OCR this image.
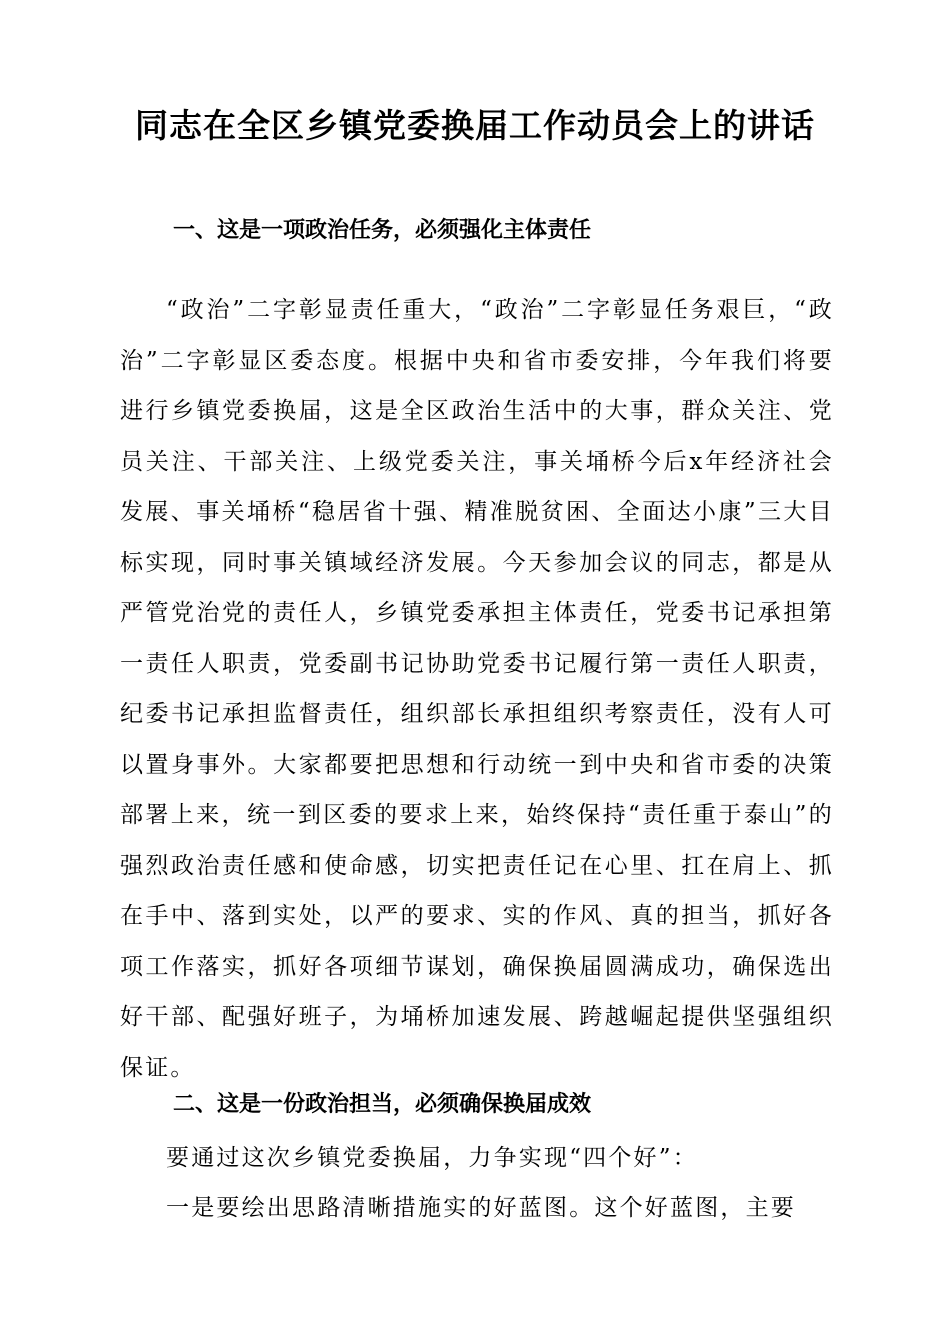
同志在全区乡镇党委换届工作动员会上的讲话
一、这是一项政治任务，必须强化主体责任

“政治”二字彰显责任重大，“政治”二字彰显任务艰巨，“政治”二字彰显区委态度。根据中央和省市委安排，今年我们将要进行乡镇党委换届，这是全区政治生活中的大事，群众关注、党员关注、干部关注、上级党委关注，事关埇桥今后x年经济社会发展、事关埇桥“稳居省十强、精准脱贫困、全面达小康”三大目标实现，同时事关镇域经济发展。今天参加会议的同志，都是从严管党治党的责任人，乡镇党委承担主体责任，党委书记承担第一责任人职责，党委副书记协助党委书记履行第一责任人职责，纪委书记承担监督责任，组织部长承担组织考察责任，没有人可以置身事外。大家都要把思想和行动统一到中央和省市委的决策部署上来，统一到区委的要求上来，始终保持“责任重于泰山”的强烈政治责任感和使命感，切实把责任记在心里、扛在肩上、抓在手中、落到实处，以严的要求、实的作风、真的担当，抓好各项工作落实，抓好各项细节谋划，确保换届圆满成功，确保选出好干部、配强好班子，为埇桥加速发展、跨越崛起提供坚强组织保证。

二、这是一份政治担当，必须确保换届成效

要通过这次乡镇党委换届，力争实现“四个好”：

一是要绘出思路清晰措施实的好蓝图。这个好蓝图，主要
